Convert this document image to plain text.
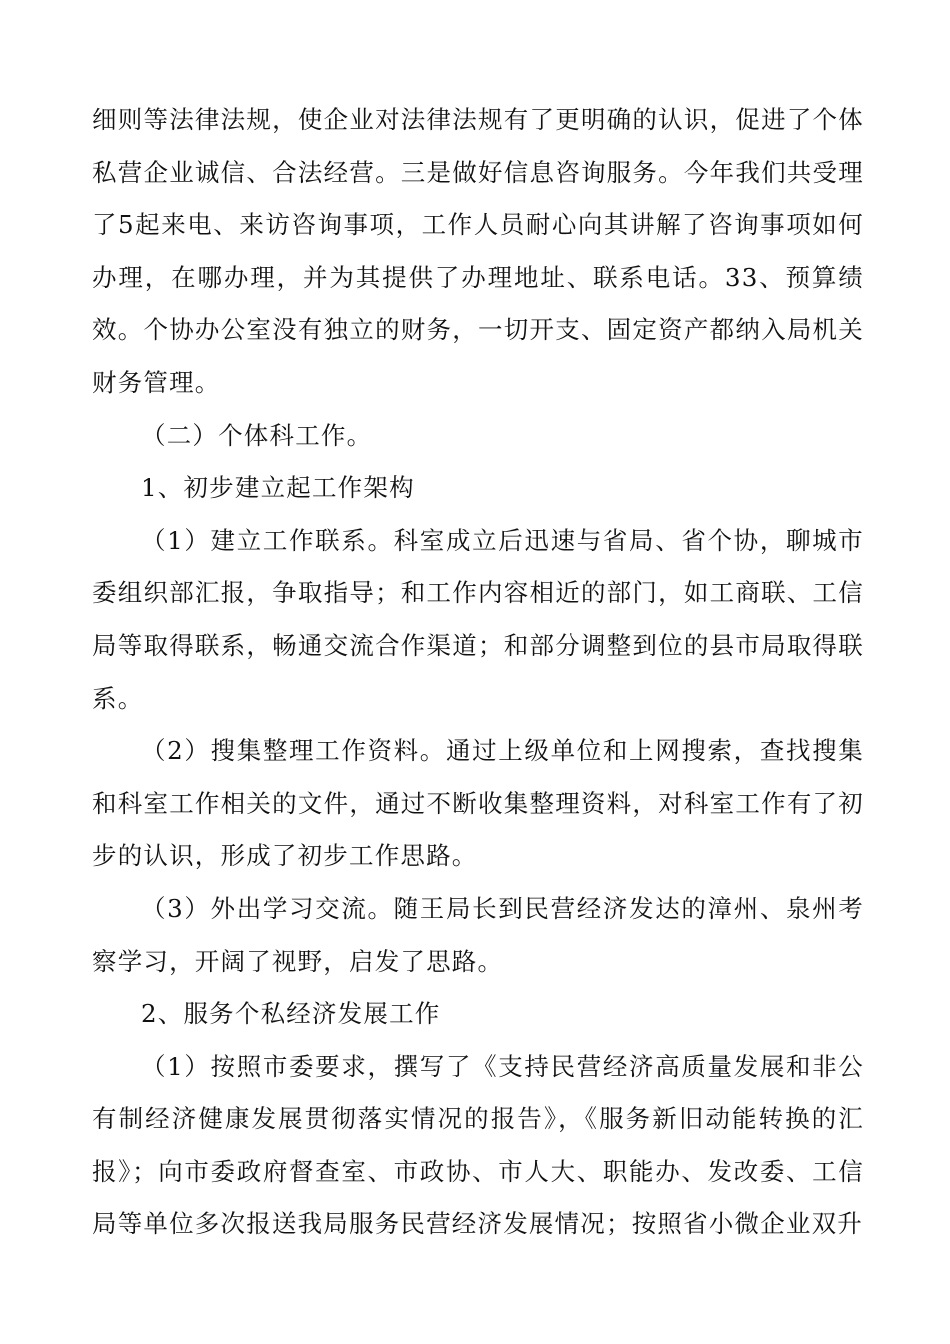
细则等法律法规，使企业对法律法规有了更明确的认识，促进了个体私营企业诚信、合法经营。三是做好信息咨询服务。今年我们共受理了5起来电、来访咨询事项，工作人员耐心向其讲解了咨询事项如何办理，在哪办理，并为其提供了办理地址、联系电话。33、预算绩效。个协办公室没有独立的财务，一切开支、固定资产都纳入局机关财务管理。

（二）个体科工作。

1、初步建立起工作架构

（1）建立工作联系。科室成立后迅速与省局、省个协，聊城市委组织部汇报，争取指导；和工作内容相近的部门，如工商联、工信局等取得联系，畅通交流合作渠道；和部分调整到位的县市局取得联系。

（2）搜集整理工作资料。通过上级单位和上网搜索，查找搜集和科室工作相关的文件，通过不断收集整理资料，对科室工作有了初步的认识，形成了初步工作思路。

（3）外出学习交流。随王局长到民营经济发达的漳州、泉州考察学习，开阔了视野，启发了思路。

2、服务个私经济发展工作

（1）按照市委要求，撰写了《支持民营经济高质量发展和非公有制经济健康发展贯彻落实情况的报告》，《服务新旧动能转换的汇报》；向市委政府督查室、市政协、市人大、职能办、发改委、工信局等单位多次报送我局服务民营经济发展情况；按照省小微企业双升
